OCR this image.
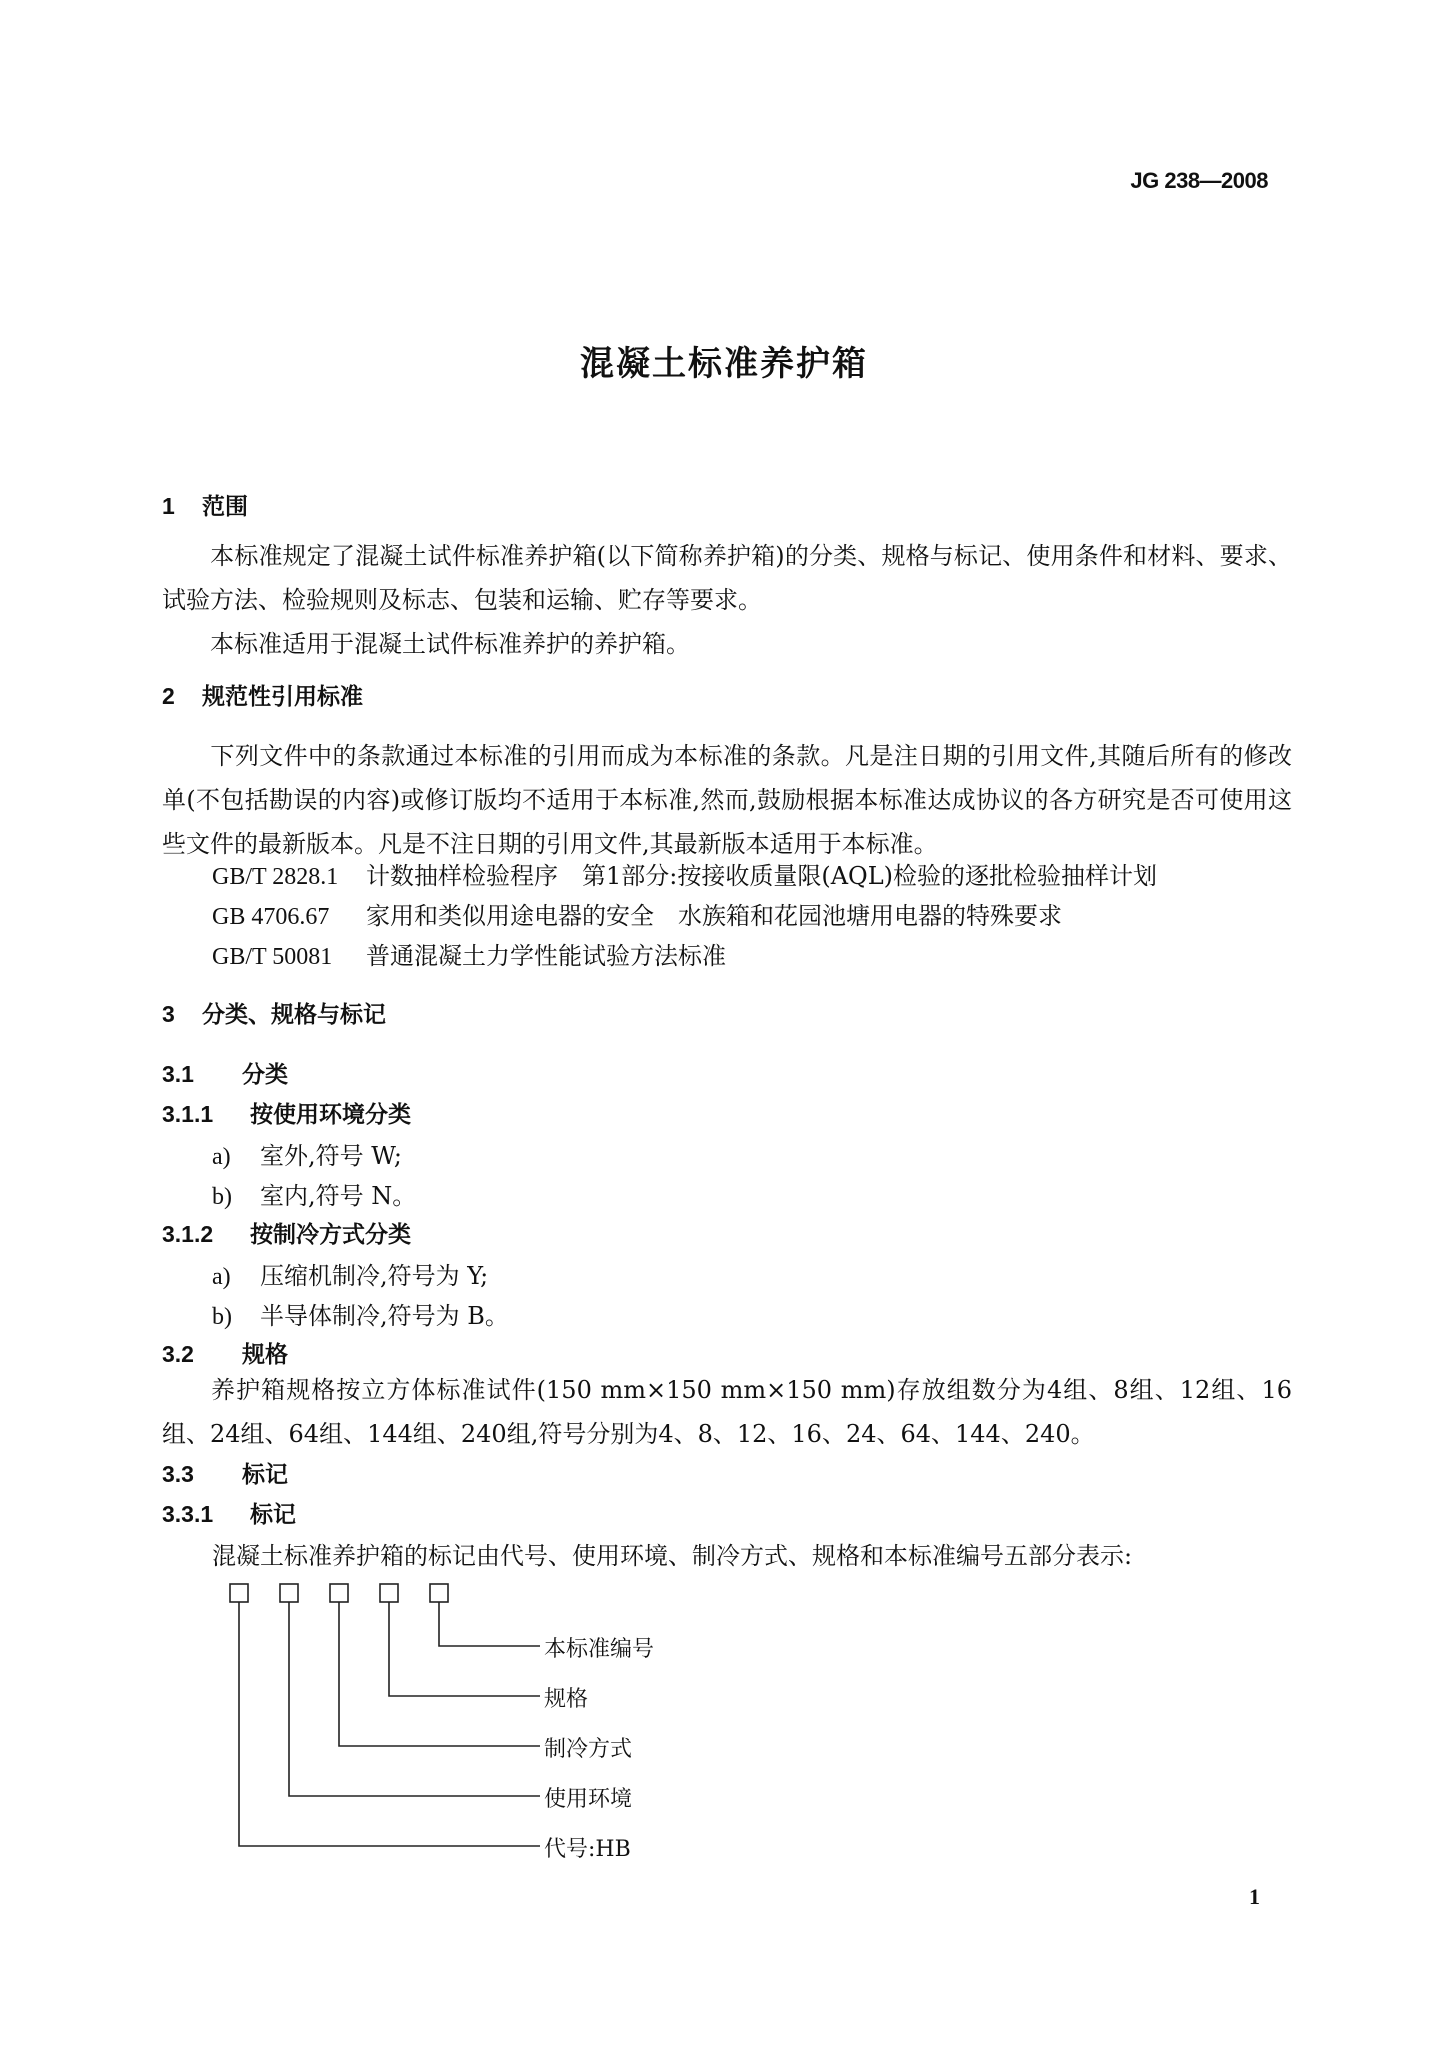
JG 238—2008
混凝土标准养护箱
1 范围
本标准规定了混凝土试件标准养护箱(以下简称养护箱)的分类、规格与标记、使用条件和材料、要求、试验方法、检验规则及标志、包装和运输、贮存等要求。
本标准适用于混凝土试件标准养护的养护箱。
2 规范性引用标准
下列文件中的条款通过本标准的引用而成为本标准的条款。凡是注日期的引用文件,其随后所有的修改单(不包括勘误的内容)或修订版均不适用于本标准,然而,鼓励根据本标准达成协议的各方研究是否可使用这些文件的最新版本。凡是不注日期的引用文件,其最新版本适用于本标准。
GB/T 2828.1　 计数抽样检验程序　第1部分:按接收质量限(AQL)检验的逐批检验抽样计划
GB 4706.67　 家用和类似用途电器的安全　水族箱和花园池塘用电器的特殊要求
GB/T 50081　 普通混凝土力学性能试验方法标准
3 分类、规格与标记
3.1 分类
3.1.1 按使用环境分类
a) 室外,符号 W;
b) 室内,符号 N。
3.1.2 按制冷方式分类
a) 压缩机制冷,符号为 Y;
b) 半导体制冷,符号为 B。
3.2 规格
养护箱规格按立方体标准试件(150 mm×150 mm×150 mm)存放组数分为4组、8组、12组、16组、24组、64组、144组、240组,符号分别为4、8、12、16、24、64、144、240。
3.3 标记
3.3.1 标记
混凝土标准养护箱的标记由代号、使用环境、制冷方式、规格和本标准编号五部分表示:
本标准编号
规格
制冷方式
使用环境
代号:HB
1
